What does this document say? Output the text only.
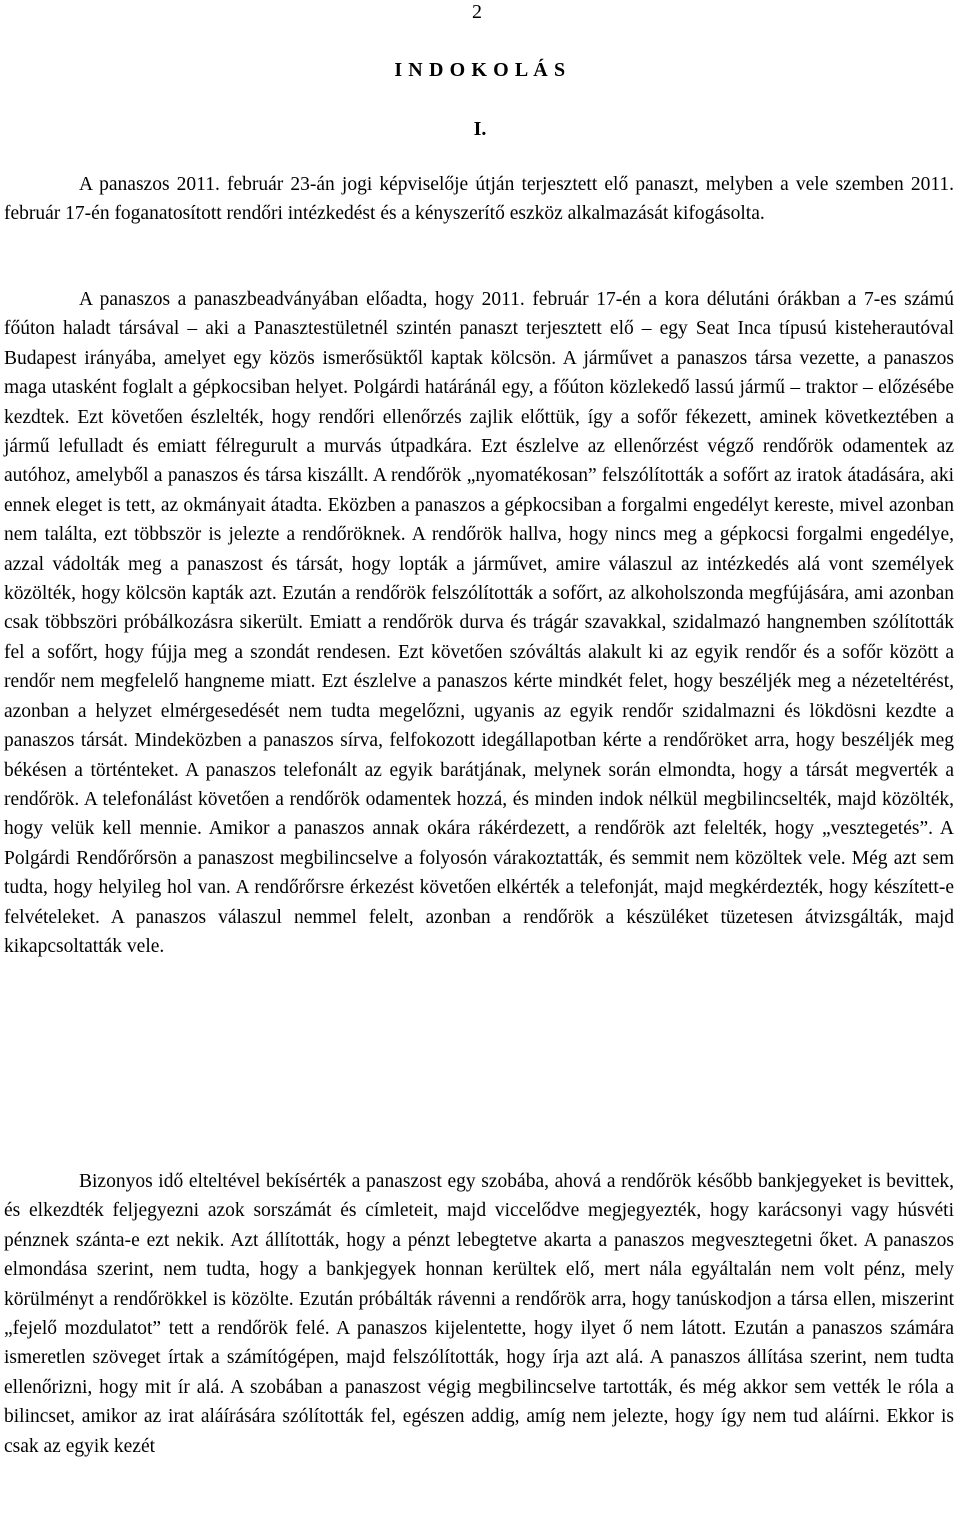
2
I N D O K O L Á S
I.

A panaszos 2011. február 23-án jogi képviselője útján terjesztett elő panaszt, melyben a vele szemben 2011. február 17-én foganatosított rendőri intézkedést és a kényszerítő eszköz alkalmazását kifogásolta.

A panaszos a panaszbeadványában előadta, hogy 2011. február 17-én a kora délutáni órákban a 7-es számú főúton haladt társával – aki a Panasztestületnél szintén panaszt terjesztett elő – egy Seat Inca típusú kisteherautóval Budapest irányába, amelyet egy közös ismerősüktől kaptak kölcsön. A járművet a panaszos társa vezette, a panaszos maga utasként foglalt a gépkocsiban helyet. Polgárdi határánál egy, a főúton közlekedő lassú jármű – traktor – előzésébe kezdtek. Ezt követően észlelték, hogy rendőri ellenőrzés zajlik előttük, így a sofőr fékezett, aminek következtében a jármű lefulladt és emiatt félregurult a murvás útpadkára. Ezt észlelve az ellenőrzést végző rendőrök odamentek az autóhoz, amelyből a panaszos és társa kiszállt. A rendőrök „nyomatékosan” felszólították a sofőrt az iratok átadására, aki ennek eleget is tett, az okmányait átadta. Eközben a panaszos a gépkocsiban a forgalmi engedélyt kereste, mivel azonban nem találta, ezt többször is jelezte a rendőröknek. A rendőrök hallva, hogy nincs meg a gépkocsi forgalmi engedélye, azzal vádolták meg a panaszost és társát, hogy lopták a járművet, amire válaszul az intézkedés alá vont személyek közölték, hogy kölcsön kapták azt. Ezután a rendőrök felszólították a sofőrt, az alkoholszonda megfújására, ami azonban csak többszöri próbálkozásra sikerült. Emiatt a rendőrök durva és trágár szavakkal, szidalmazó hangnemben szólították fel a sofőrt, hogy fújja meg a szondát rendesen. Ezt követően szóváltás alakult ki az egyik rendőr és a sofőr között a rendőr nem megfelelő hangneme miatt. Ezt észlelve a panaszos kérte mindkét felet, hogy beszéljék meg a nézeteltérést, azonban a helyzet elmérgesedését nem tudta megelőzni, ugyanis az egyik rendőr szidalmazni és lökdösni kezdte a panaszos társát. Mindeközben a panaszos sírva, felfokozott idegállapotban kérte a rendőröket arra, hogy beszéljék meg békésen a történteket. A panaszos telefonált az egyik barátjának, melynek során elmondta, hogy a társát megverték a rendőrök. A telefonálást követően a rendőrök odamentek hozzá, és minden indok nélkül megbilincselték, majd közölték, hogy velük kell mennie. Amikor a panaszos annak okára rákérdezett, a rendőrök azt felelték, hogy „vesztegetés”. A Polgárdi Rendőrőrsön a panaszost megbilincselve a folyosón várakoztatták, és semmit nem közöltek vele. Még azt sem tudta, hogy helyileg hol van. A rendőrőrsre érkezést követően elkérték a telefonját, majd megkérdezték, hogy készített-e felvételeket. A panaszos válaszul nemmel felelt, azonban a rendőrök a készüléket tüzetesen átvizsgálták, majd kikapcsoltatták vele.

Bizonyos idő elteltével bekísérték a panaszost egy szobába, ahová a rendőrök később bankjegyeket is bevittek, és elkezdték feljegyezni azok sorszámát és címleteit, majd viccelődve megjegyezték, hogy karácsonyi vagy húsvéti pénznek szánta-e ezt nekik. Azt állították, hogy a pénzt lebegtetve akarta a panaszos megvesztegetni őket. A panaszos elmondása szerint, nem tudta, hogy a bankjegyek honnan kerültek elő, mert nála egyáltalán nem volt pénz, mely körülményt a rendőrökkel is közölte. Ezután próbálták rávenni a rendőrök arra, hogy tanúskodjon a társa ellen, miszerint „fejelő mozdulatot” tett a rendőrök felé. A panaszos kijelentette, hogy ilyet ő nem látott. Ezután a panaszos számára ismeretlen szöveget írtak a számítógépen, majd felszólították, hogy írja azt alá. A panaszos állítása szerint, nem tudta ellenőrizni, hogy mit ír alá. A szobában a panaszost végig megbilincselve tartották, és még akkor sem vették le róla a bilincset, amikor az irat aláírására szólították fel, egészen addig, amíg nem jelezte, hogy így nem tud aláírni. Ekkor is csak az egyik kezét
